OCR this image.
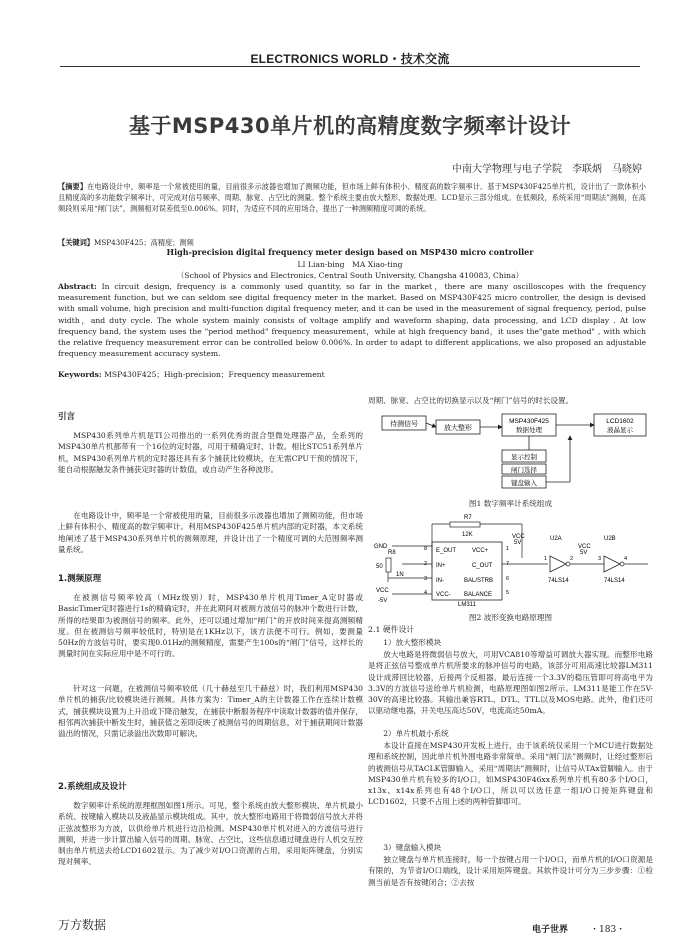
ELECTRONICS WORLD・技术交流
基于MSP430单片机的高精度数字频率计设计
中南大学物理与电子学院　李联炳　马晓婷
【摘要】在电路设计中，频率是一个常被使用的量，目前很多示波器也增加了测频功能，但市场上鲜有体积小、精度高的数字频率计。基于MSP430F425单片机，设计出了一款体积小且精度高的多功能数字频率计，可完成对信号频率、周期、脉宽、占空比的测量。整个系统主要由放大整形、数据处理、LCD显示三部分组成。在低频段，系统采用“周期法”测频，在高频段则采用“闸门法”，测频相对误差低至0.006%。同时，为适应不同的应用场合，提出了一种测频精度可调的系统。
【关键词】MSP430F425；高精度；测频
High-precision digital frequency meter design based on MSP430 micro controller
LI Lian-bing　MA Xiao-ting
（School of Physics and Electronics, Central South University, Changsha 410083, China）
Abstract: In circuit design, frequency is a commonly used quantity, so far in the market，there are many oscilloscopes with the frequency measurement function, but we can seldom see digital frequency meter in the market. Based on MSP430F425 micro controller, the design is devised with small volume, high precision and multi-function digital frequency meter, and it can be used in the measurement of signal frequency, period, pulse width，and duty cycle. The whole system mainly consists of voltage amplify and waveform shaping, data processing, and LCD display . At low frequency band, the system uses the "period method" frequency measurement，while at high frequency band，it uses the"gate method" , with which the relative frequency measurement error can be controlled below 0.006%. In order to adapt to different applications, we also proposed an adjustable frequency measurement accuracy system.
Keywords: MSP430F425；High-precision；Frequency measurement
引言
MSP430系列单片机是TI公司推出的一系列优秀的混合型微处理器产品，全系列的MSP430单片机都带有一个16位的定时器，可用于精确定时、计数。相比STC51系列单片机，MSP430系列单片机的定时器还具有多个捕获比较模块，在无需CPU干预的情况下，能自动根据触发条件捕获定时器的计数值，或自动产生各种波形。
在电路设计中，频率是一个常被使用的量，目前很多示波器也增加了测频功能，但市场上鲜有体积小、精度高的数字频率计。利用MSP430F425单片机内部的定时器，本文系统地阐述了基于MSP430系列单片机的测频原理，并设计出了一个精度可调的大范围频率测量系统。
1.测频原理
在被测信号频率较高（MHz级别）时，MSP430单片机用Timer_A定时器或BasicTimer定时器进行1s的精确定时，并在此期间对被测方波信号的脉冲个数进行计数，所得的结果即为被测信号的频率。此外，还可以通过增加“闸门”的开放时间来提高测频精度。但在被测信号频率较低时，特别是在1KHz以下，该方法便不可行。例如，要测量50Hz的方波信号时，要实现0.01Hz的测频精度，需要产生100s的“闸门”信号，这样长的测量时间在实际应用中是不可行的。
针对这一问题，在被测信号频率较低（几十赫兹至几千赫兹）时，我们利用MSP430单片机的捕获/比较模块进行测频。具体方案为：Timer_A的主计数器工作在连续计数模式，捕获模块设置为上升沿或下降沿触发，在捕获中断服务程序中读取计数器的值并保存，相邻两次捕获中断发生时，捕获值之差即反映了被测信号的周期信息，对于捕获期间计数器溢出的情况，只需记录溢出次数即可解决。
2.系统组成及设计
数字频率计系统的原理框图如图1所示。可见，整个系统由放大整形模块、单片机最小系统、按键输入模块以及液晶显示模块组成。其中，放大整形电路用于将微弱信号放大并将正弦波整形为方波，以供给单片机进行边沿检测。MSP430单片机对进入的方波信号进行测频，并进一步计算出输入信号的周期、脉宽、占空比，这些信息通过键盘进行人机交互控制由单片机送去给LCD1602显示。为了减少对I/O口资源的占用，采用矩阵键盘，分别实现对频率、
周期、脉宽、占空比的切换显示以及“闸门”信号的时长设置。
待测信号
放大整形
MSP430F425
数据处理
LCD1602
液晶显示
显示控制
闸门选择
键盘输入
图1 数字频率计系统组成
R7
12K
E_OUT
IN+
IN-
VCC-
VCC+
C_OUT
BAL/STRB
BALANCE
8
2
3
4
1
7
6
5
LM311
GND
R8
50
1N
VCC
-5V
VCC
5V
U2A
1	2
74LS14
VCC
5V
U2B
3	4
74LS14
图2 波形变换电路原理图
2.1 硬件设计
1）放大整形模块
放大电路是将微弱信号放大，可用VCA810等增益可调放大器实现。而整形电路是将正弦信号整成单片机所要求的脉冲信号的电路，该部分可用高速比较器LM311设计成滞回比较器，后接两个反相器，最后连接一个3.3V的稳压管即可将高电平为3.3V的方波信号送给单片机检测，电路原理图如图2所示。LM311是能工作在5V-30V的高速比较器。其输出兼容RTL、DTL、TTL以及MOS电路。此外，他们还可以驱动继电器，开关电压高达50V，电流高达50mA。
2）单片机最小系统
本设计直接在MSP430开发板上进行，由于该系统仅采用一个MCU进行数据处理和系统控制，因此单片机外围电路非常简单。采用“闸门法”测频时，让经过整形后的被测信号从TACLK管脚输入，采用“周期法”测频时，让信号从TAx管脚输入。由于MSP430单片机有较多的I/O口，如MSP430F46xx系列单片机有80多个I/O口，x13x、x14x系列也有48个I/O口，所以可以选任意一组I/O口接矩阵键盘和LCD1602，只要不占用上述的两种管脚即可。
3）键盘输入模块
独立键盘与单片机连接时，每一个按键占用一个I/O口，而单片机的I/O口资源是有限的，为节省I/O口端线，设计采用矩阵键盘。其软件设计可分为三步步骤：①检测当前是否有按键闭合；②去按
电子世界 ・183・
万方数据
